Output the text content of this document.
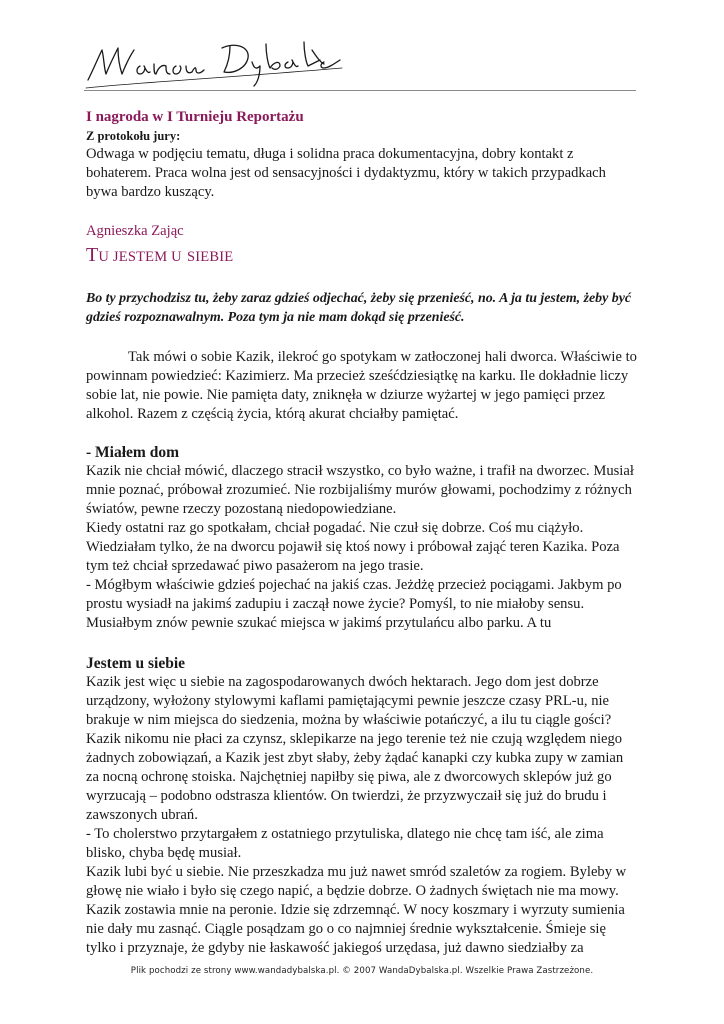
I nagroda w I Turnieju Reportażu
Z protokołu jury:

Odwaga w podjęciu tematu, długa i solidna praca dokumentacyjna, dobry kontakt z bohaterem. Praca wolna jest od sensacyjności i dydaktyzmu, który w takich przypadkach bywa bardzo kuszący.

Agnieszka Zając
TU JESTEM U SIEBIE

Bo ty przychodzisz tu, żeby zaraz gdzieś odjechać, żeby się przenieść, no. A ja tu jestem, żeby być gdzieś rozpoznawalnym. Poza tym ja nie mam dokąd się przenieść.

Tak mówi o sobie Kazik, ilekroć go spotykam w zatłoczonej hali dworca. Właściwie to powinnam powiedzieć: Kazimierz. Ma przecież sześćdziesiątkę na karku. Ile dokładnie liczy sobie lat, nie powie. Nie pamięta daty, zniknęła w dziurze wyżartej w jego pamięci przez alkohol. Razem z częścią życia, którą akurat chciałby pamiętać.

- Miałem dom

Kazik nie chciał mówić, dlaczego stracił wszystko, co było ważne, i trafił na dworzec. Musiał mnie poznać, próbował zrozumieć. Nie rozbijaliśmy murów głowami, pochodzimy z różnych światów, pewne rzeczy pozostaną niedopowiedziane.

Kiedy ostatni raz go spotkałam, chciał pogadać. Nie czuł się dobrze. Coś mu ciążyło. Wiedziałam tylko, że na dworcu pojawił się ktoś nowy i próbował zająć teren Kazika. Poza tym też chciał sprzedawać piwo pasażerom na jego trasie.

- Mógłbym właściwie gdzieś pojechać na jakiś czas. Jeżdżę przecież pociągami. Jakbym po prostu wysiadł na jakimś zadupiu i zaczął nowe życie? Pomyśl, to nie miałoby sensu. Musiałbym znów pewnie szukać miejsca w jakimś przytulańcu albo parku. A tu

Jestem u siebie

Kazik jest więc u siebie na zagospodarowanych dwóch hektarach. Jego dom jest dobrze urządzony, wyłożony stylowymi kaflami pamiętającymi pewnie jeszcze czasy PRL-u, nie brakuje w nim miejsca do siedzenia, można by właściwie potańczyć, a ilu tu ciągle gości? Kazik nikomu nie płaci za czynsz, sklepikarze na jego terenie też nie czują względem niego żadnych zobowiązań, a Kazik jest zbyt słaby, żeby żądać kanapki czy kubka zupy w zamian za nocną ochronę stoiska. Najchętniej napiłby się piwa, ale z dworcowych sklepów już go wyrzucają – podobno odstrasza klientów. On twierdzi, że przyzwyczaił się już do brudu i zawszonych ubrań.

- To cholerstwo przytargałem z ostatniego przytuliska, dlatego nie chcę tam iść, ale zima blisko, chyba będę musiał.

Kazik lubi być u siebie. Nie przeszkadza mu już nawet smród szaletów za rogiem. Byleby w głowę nie wiało i było się czego napić, a będzie dobrze. O żadnych świętach nie ma mowy. Kazik zostawia mnie na peronie. Idzie się zdrzemnąć. W nocy koszmary i wyrzuty sumienia nie dały mu zasnąć. Ciągle posądzam go o co najmniej średnie wykształcenie. Śmieje się tylko i przyznaje, że gdyby nie łaskawość jakiegoś urzędasa, już dawno siedziałby za

Plik pochodzi ze strony www.wandadybalska.pl. © 2007 WandaDybalska.pl. Wszelkie Prawa Zastrzeżone.
